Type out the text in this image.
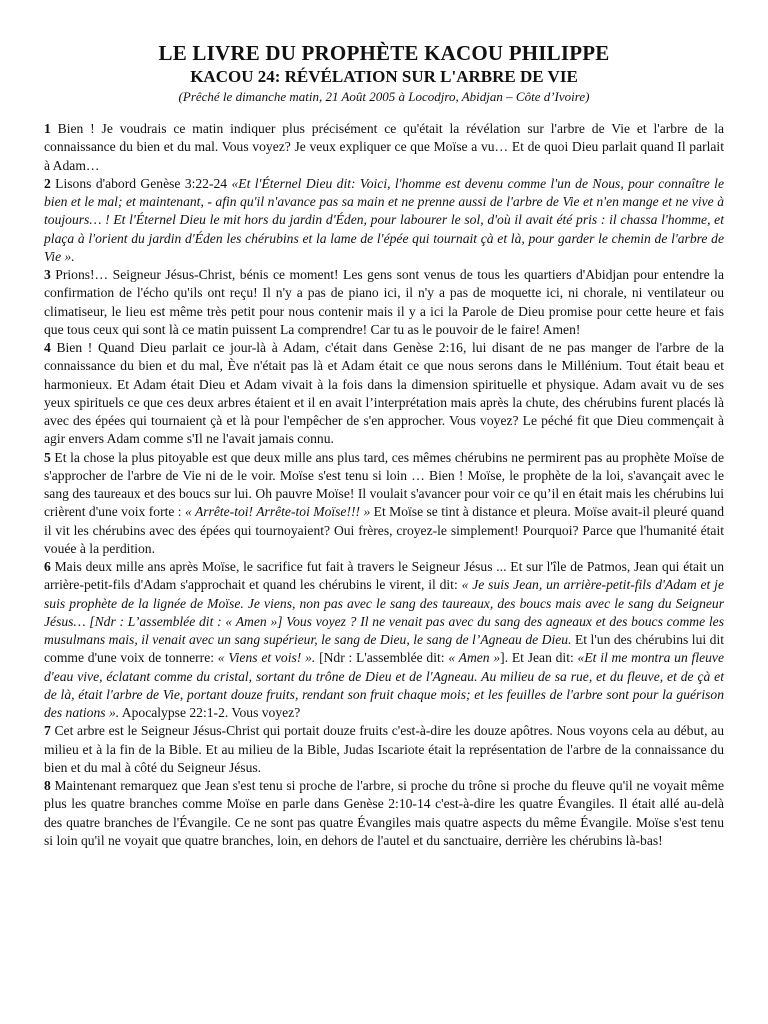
LE LIVRE DU PROPHÈTE KACOU PHILIPPE
KACOU 24: RÉVÉLATION SUR L'ARBRE DE VIE

(Prêché le dimanche matin, 21 Août 2005 à Locodjro, Abidjan – Côte d’Ivoire)

1 Bien ! Je voudrais ce matin indiquer plus précisément ce qu'était la révélation sur l'arbre de Vie et l'arbre de la connaissance du bien et du mal. Vous voyez? Je veux expliquer ce que Moïse a vu… Et de quoi Dieu parlait quand Il parlait à Adam…

2 Lisons d'abord Genèse 3:22-24 «Et l'Éternel Dieu dit: Voici, l'homme est devenu comme l'un de Nous, pour connaître le bien et le mal; et maintenant, - afin qu'il n'avance pas sa main et ne prenne aussi de l'arbre de Vie et n'en mange et ne vive à toujours… ! Et l'Éternel Dieu le mit hors du jardin d'Éden, pour labourer le sol, d'où il avait été pris : il chassa l'homme, et plaça à l'orient du jardin d'Éden les chérubins et la lame de l'épée qui tournait çà et là, pour garder le chemin de l'arbre de Vie ».

3 Prions!… Seigneur Jésus-Christ, bénis ce moment! Les gens sont venus de tous les quartiers d'Abidjan pour entendre la confirmation de l'écho qu'ils ont reçu! Il n'y a pas de piano ici, il n'y a pas de moquette ici, ni chorale, ni ventilateur ou climatiseur, le lieu est même très petit pour nous contenir mais il y a ici la Parole de Dieu promise pour cette heure et fais que tous ceux qui sont là ce matin puissent La comprendre! Car tu as le pouvoir de le faire! Amen!

4 Bien ! Quand Dieu parlait ce jour-là à Adam, c'était dans Genèse 2:16, lui disant de ne pas manger de l'arbre de la connaissance du bien et du mal, Ève n'était pas là et Adam était ce que nous serons dans le Millénium. Tout était beau et harmonieux. Et Adam était Dieu et Adam vivait à la fois dans la dimension spirituelle et physique. Adam avait vu de ses yeux spirituels ce que ces deux arbres étaient et il en avait l’interprétation mais après la chute, des chérubins furent placés là avec des épées qui tournaient çà et là pour l'empêcher de s'en approcher. Vous voyez? Le péché fit que Dieu commençait à agir envers Adam comme s'Il ne l'avait jamais connu.

5 Et la chose la plus pitoyable est que deux mille ans plus tard, ces mêmes chérubins ne permirent pas au prophète Moïse de s'approcher de l'arbre de Vie ni de le voir. Moïse s'est tenu si loin … Bien ! Moïse, le prophète de la loi, s'avançait avec le sang des taureaux et des boucs sur lui. Oh pauvre Moïse! Il voulait s'avancer pour voir ce qu’il en était mais les chérubins lui crièrent d'une voix forte : « Arrête-toi! Arrête-toi Moïse!!! » Et Moïse se tint à distance et pleura. Moïse avait-il pleuré quand il vit les chérubins avec des épées qui tournoyaient? Oui frères, croyez-le simplement! Pourquoi? Parce que l'humanité était vouée à la perdition.

6 Mais deux mille ans après Moïse, le sacrifice fut fait à travers le Seigneur Jésus ... Et sur l'île de Patmos, Jean qui était un arrière-petit-fils d'Adam s'approchait et quand les chérubins le virent, il dit: « Je suis Jean, un arrière-petit-fils d'Adam et je suis prophète de la lignée de Moïse. Je viens, non pas avec le sang des taureaux, des boucs mais avec le sang du Seigneur Jésus… [Ndr : L’assemblée dit : « Amen »] Vous voyez ? Il ne venait pas avec du sang des agneaux et des boucs comme les musulmans mais, il venait avec un sang supérieur, le sang de Dieu, le sang de l’Agneau de Dieu. Et l'un des chérubins lui dit comme d'une voix de tonnerre: « Viens et vois! ». [Ndr : L'assemblée dit: « Amen »]. Et Jean dit: «Et il me montra un fleuve d'eau vive, éclatant comme du cristal, sortant du trône de Dieu et de l'Agneau. Au milieu de sa rue, et du fleuve, et de çà et de là, était l'arbre de Vie, portant douze fruits, rendant son fruit chaque mois; et les feuilles de l'arbre sont pour la guérison des nations ». Apocalypse 22:1-2. Vous voyez?

7 Cet arbre est le Seigneur Jésus-Christ qui portait douze fruits c'est-à-dire les douze apôtres. Nous voyons cela au début, au milieu et à la fin de la Bible. Et au milieu de la Bible, Judas Iscariote était la représentation de l'arbre de la connaissance du bien et du mal à côté du Seigneur Jésus.

8 Maintenant remarquez que Jean s'est tenu si proche de l'arbre, si proche du trône si proche du fleuve qu'il ne voyait même plus les quatre branches comme Moïse en parle dans Genèse 2:10-14 c'est-à-dire les quatre Évangiles. Il était allé au-delà des quatre branches de l'Évangile. Ce ne sont pas quatre Évangiles mais quatre aspects du même Évangile. Moïse s'est tenu si loin qu'il ne voyait que quatre branches, loin, en dehors de l'autel et du sanctuaire, derrière les chérubins là-bas!
